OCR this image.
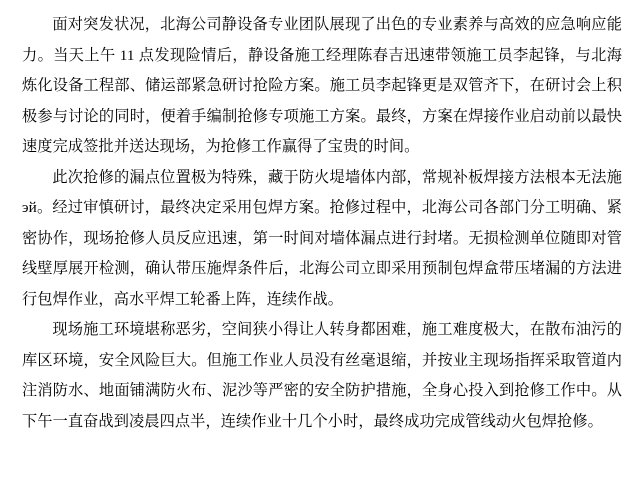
面对突发状况，北海公司静设备专业团队展现了出色的专业素养与高效的应急响应能力。当天上午 11 点发现险情后，静设备施工经理陈春吉迅速带领施工员李起锋，与北海炼化设备工程部、储运部紧急研讨抢险方案。施工员李起锋更是双管齐下，在研讨会上积极参与讨论的同时，便着手编制抢修专项施工方案。最终，方案在焊接作业启动前以最快速度完成签批并送达现场，为抢修工作赢得了宝贵的时间。

此次抢修的漏点位置极为特殊，藏于防火堤墙体内部，常规补板焊接方法根本无法施эй。经过审慎研讨，最终决定采用包焊方案。抢修过程中，北海公司各部门分工明确、紧密协作，现场抢修人员反应迅速，第一时间对墙体漏点进行封堵。无损检测单位随即对管线壁厚展开检测，确认带压施焊条件后，北海公司立即采用预制包焊盒带压堵漏的方法进行包焊作业，高水平焊工轮番上阵，连续作战。

现场施工环境堪称恶劣，空间狭小得让人转身都困难，施工难度极大，在散布油污的库区环境，安全风险巨大。但施工作业人员没有丝毫退缩，并按业主现场指挥采取管道内注消防水、地面铺满防火布、泥沙等严密的安全防护措施，全身心投入到抢修工作中。从下午一直奋战到凌晨四点半，连续作业十几个小时，最终成功完成管线动火包焊抢修。
